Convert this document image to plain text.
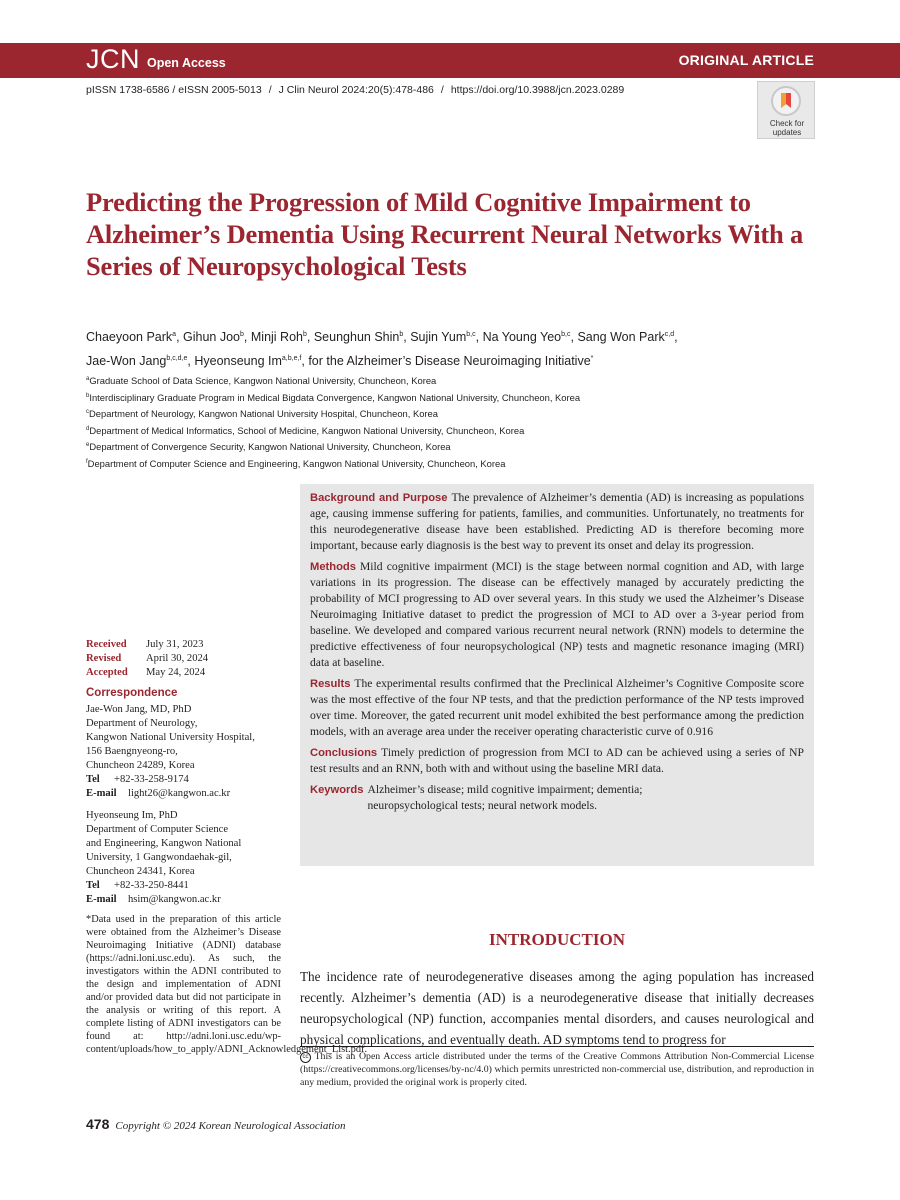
JCN Open Access	ORIGINAL ARTICLE
pISSN 1738-6586 / eISSN 2005-5013 / J Clin Neurol 2024:20(5):478-486 / https://doi.org/10.3988/jcn.2023.0289
Check for
updates
Predicting the Progression of Mild Cognitive Impairment to Alzheimer’s Dementia Using Recurrent Neural Networks With a Series of Neuropsychological Tests
Chaeyoon Park$^a$, Gihun Joo$^b$, Minji Roh$^b$, Seunghun Shin$^b$, Sujin Yum$^{b,c}$, Na Young Yeo$^{b,c}$, Sang Won Park$^{c,d}$,
Jae-Won Jang$^{b,c,d,e}$, Hyeonseung Im$^{a,b,e,f}$, for the Alzheimer’s Disease Neuroimaging Initiative*
$^a$Graduate School of Data Science, Kangwon National University, Chuncheon, Korea
$^b$Interdisciplinary Graduate Program in Medical Bigdata Convergence, Kangwon National University, Chuncheon, Korea
$^c$Department of Neurology, Kangwon National University Hospital, Chuncheon, Korea
$^d$Department of Medical Informatics, School of Medicine, Kangwon National University, Chuncheon, Korea
$^e$Department of Convergence Security, Kangwon National University, Chuncheon, Korea
$^f$Department of Computer Science and Engineering, Kangwon National University, Chuncheon, Korea

Background and Purpose The prevalence of Alzheimer’s dementia (AD) is increasing as populations age, causing immense suffering for patients, families, and communities. Unfortunately, no treatments for this neurodegenerative disease have been established. Predicting AD is therefore becoming more important, because early diagnosis is the best way to prevent its onset and delay its progression.

Methods Mild cognitive impairment (MCI) is the stage between normal cognition and AD, with large variations in its progression. The disease can be effectively managed by accurately predicting the probability of MCI progressing to AD over several years. In this study we used the Alzheimer’s Disease Neuroimaging Initiative dataset to predict the progression of MCI to AD over a 3-year period from baseline. We developed and compared various recurrent neural network (RNN) models to determine the predictive effectiveness of four neuropsychological (NP) tests and magnetic resonance imaging (MRI) data at baseline.

Results The experimental results confirmed that the Preclinical Alzheimer’s Cognitive Composite score was the most effective of the four NP tests, and that the prediction performance of the NP tests improved over time. Moreover, the gated recurrent unit model exhibited the best performance among the prediction models, with an average area under the receiver operating characteristic curve of 0.916

Conclusions Timely prediction of progression from MCI to AD can be achieved using a series of NP test results and an RNN, both with and without using the baseline MRI data.

Keywords Alzheimer’s disease; mild cognitive impairment; dementia;
neuropsychological tests; neural network models.
Received	July 31, 2023
Revised	April 30, 2024
Accepted	May 24, 2024
Correspondence
Jae-Won Jang, MD, PhD
Department of Neurology,
Kangwon National University Hospital,
156 Baengnyeong-ro,
Chuncheon 24289, Korea
Tel +82-33-258-9174
E-mail light26@kangwon.ac.kr
Hyeonseung Im, PhD
Department of Computer Science
and Engineering, Kangwon National
University, 1 Gangwondaehak-gil,
Chuncheon 24341, Korea
Tel +82-33-250-8441
E-mail hsim@kangwon.ac.kr
*Data used in the preparation of this article were obtained from the Alzheimer’s Disease Neuroimaging Initiative (ADNI) database (https://adni.loni.usc.edu). As such, the investigators within the ADNI contributed to the design and implementation of ADNI and/or provided data but did not participate in the analysis or writing of this report. A complete listing of ADNI investigators can be found at: http://adni.loni.usc.edu/wp-content/uploads/how_to_apply/ADNI_Acknowledgement_List.pdf.
INTRODUCTION
The incidence rate of neurodegenerative diseases among the aging population has increased recently. Alzheimer’s dementia (AD) is a neurodegenerative disease that initially decreases neuropsychological (NP) function, accompanies mental disorders, and causes neurological and physical complications, and eventually death. AD symptoms tend to progress for
cc This is an Open Access article distributed under the terms of the Creative Commons Attribution Non-Commercial License (https://creativecommons.org/licenses/by-nc/4.0) which permits unrestricted non-commercial use, distribution, and reproduction in any medium, provided the original work is properly cited.
478 Copyright © 2024 Korean Neurological Association
